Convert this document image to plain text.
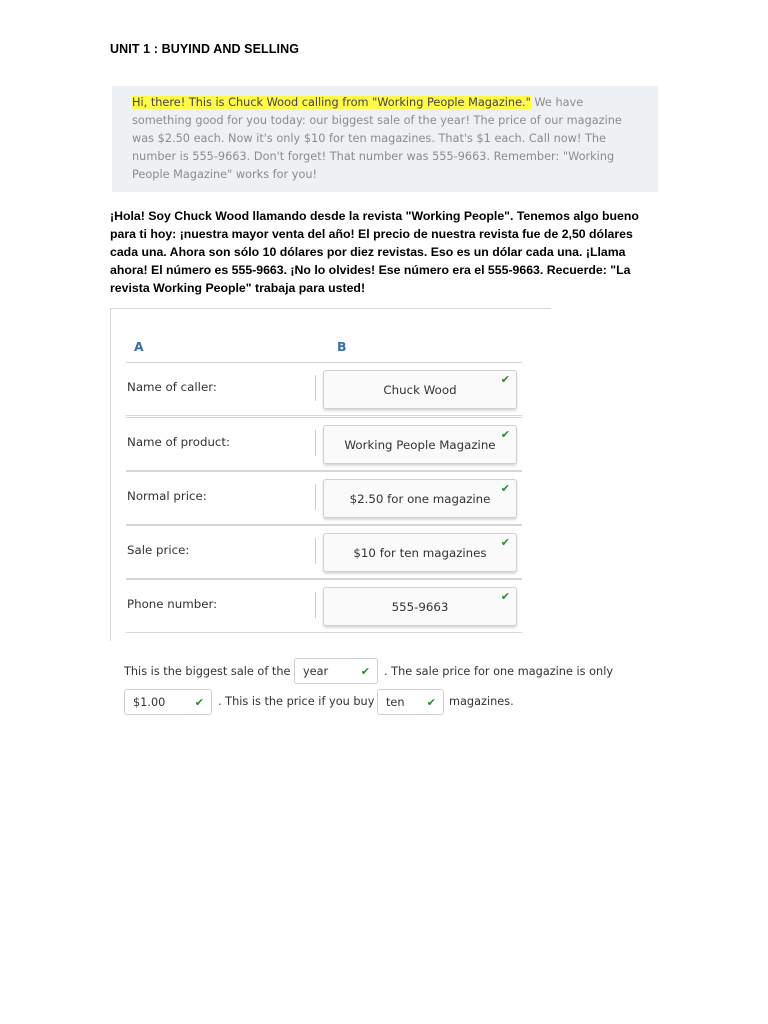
UNIT 1 : BUYIND AND SELLING
Hi, there! This is Chuck Wood calling from "Working People Magazine." We have something good for you today: our biggest sale of the year! The price of our magazine was $2.50 each. Now it's only $10 for ten magazines. That's $1 each. Call now! The number is 555-9663. Don't forget! That number was 555-9663. Remember: "Working People Magazine" works for you!
¡Hola! Soy Chuck Wood llamando desde la revista "Working People". Tenemos algo bueno para ti hoy: ¡nuestra mayor venta del año! El precio de nuestra revista fue de 2,50 dólares cada una. Ahora son sólo 10 dólares por diez revistas. Eso es un dólar cada una. ¡Llama ahora! El número es 555-9663. ¡No lo olvides! Ese número era el 555-9663. Recuerde: "La revista Working People" trabaja para usted!
A	B
Name of caller:	Chuck Wood
✔
Name of product:	Working People Magazine
✔
Normal price:	$2.50 for one magazine
✔
Sale price:	$10 for ten magazines
✔
Phone number:	555-9663
✔
This is the biggest sale of the year	✔ . The sale price for one magazine is only
$1.00	✔ . This is the price if you buy ten ✔ magazines.
